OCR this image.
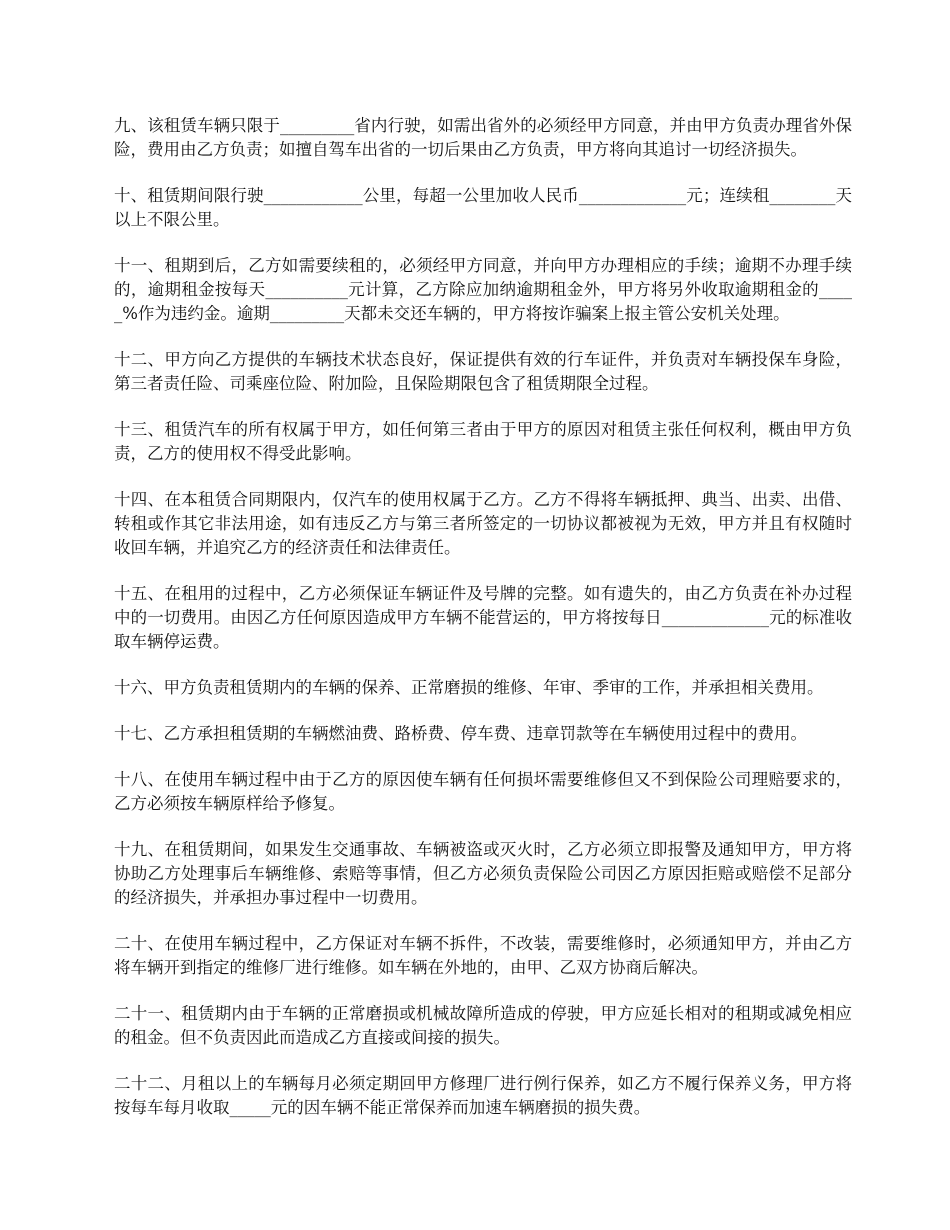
九、该租赁车辆只限于_________省内行驶，如需出省外的必须经甲方同意，并由甲方负责办理省外保险，费用由乙方负责；如擅自驾车出省的一切后果由乙方负责，甲方将向其追讨一切经济损失。

十、租赁期间限行驶____________公里，每超一公里加收人民币_____________元；连续租________天以上不限公里。

十一、租期到后，乙方如需要续租的，必须经甲方同意，并向甲方办理相应的手续；逾期不办理手续的，逾期租金按每天__________元计算，乙方除应加纳逾期租金外，甲方将另外收取逾期租金的_____%作为违约金。逾期_________天都未交还车辆的，甲方将按诈骗案上报主管公安机关处理。

十二、甲方向乙方提供的车辆技术状态良好，保证提供有效的行车证件，并负责对车辆投保车身险，第三者责任险、司乘座位险、附加险，且保险期限包含了租赁期限全过程。

十三、租赁汽车的所有权属于甲方，如任何第三者由于甲方的原因对租赁主张任何权利，概由甲方负责，乙方的使用权不得受此影响。

十四、在本租赁合同期限内，仅汽车的使用权属于乙方。乙方不得将车辆抵押、典当、出卖、出借、转租或作其它非法用途，如有违反乙方与第三者所签定的一切协议都被视为无效，甲方并且有权随时收回车辆，并追究乙方的经济责任和法律责任。

十五、在租用的过程中，乙方必须保证车辆证件及号牌的完整。如有遗失的，由乙方负责在补办过程中的一切费用。由因乙方任何原因造成甲方车辆不能营运的，甲方将按每日_____________元的标准收取车辆停运费。

十六、甲方负责租赁期内的车辆的保养、正常磨损的维修、年审、季审的工作，并承担相关费用。

十七、乙方承担租赁期的车辆燃油费、路桥费、停车费、违章罚款等在车辆使用过程中的费用。

十八、在使用车辆过程中由于乙方的原因使车辆有任何损坏需要维修但又不到保险公司理赔要求的，乙方必须按车辆原样给予修复。

十九、在租赁期间，如果发生交通事故、车辆被盗或灭火时，乙方必须立即报警及通知甲方，甲方将协助乙方处理事后车辆维修、索赔等事情，但乙方必须负责保险公司因乙方原因拒赔或赔偿不足部分的经济损失，并承担办事过程中一切费用。

二十、在使用车辆过程中，乙方保证对车辆不拆件，不改装，需要维修时，必须通知甲方，并由乙方将车辆开到指定的维修厂进行维修。如车辆在外地的，由甲、乙双方协商后解决。

二十一、租赁期内由于车辆的正常磨损或机械故障所造成的停驶，甲方应延长相对的租期或减免相应的租金。但不负责因此而造成乙方直接或间接的损失。

二十二、月租以上的车辆每月必须定期回甲方修理厂进行例行保养，如乙方不履行保养义务，甲方将按每车每月收取_____元的因车辆不能正常保养而加速车辆磨损的损失费。
